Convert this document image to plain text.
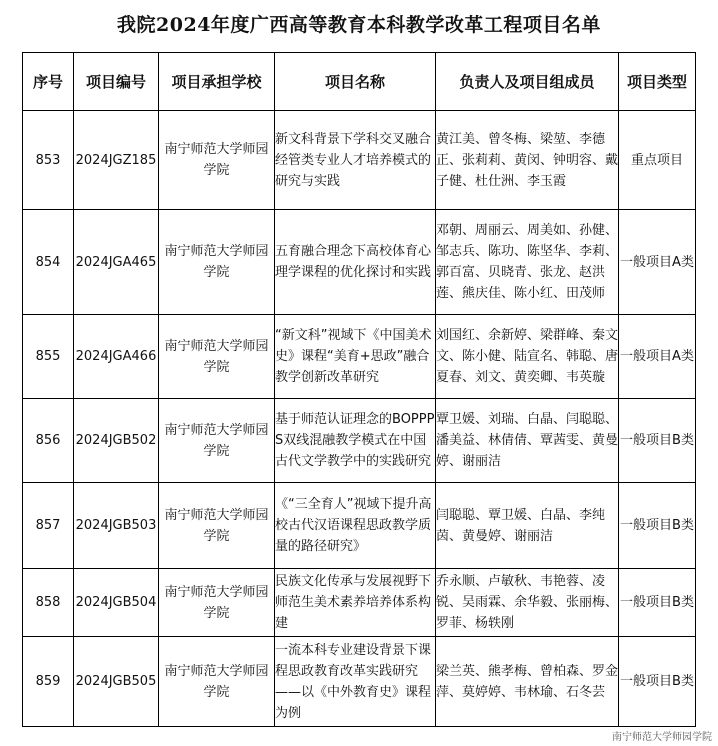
我院2024年度广西高等教育本科教学改革工程项目名单
序号	项目编号	项目承担学校	项目名称	负责人及项目组成员	项目类型
853	2024JGZ185	南宁师范大学师园学院	新文科背景下学科交叉融合经管类专业人才培养模式的研究与实践	黄江美、曾冬梅、梁堃、李德正、张莉莉、黄闵、钟明容、戴子健、杜仕洲、李玉霞	重点项目
854	2024JGA465	南宁师范大学师园学院	五育融合理念下高校体育心理学课程的优化探讨和实践	邓朝、周丽云、周美如、孙健、邹志兵、陈功、陈坚华、李莉、郭百富、贝晓青、张龙、赵洪莲、熊庆佳、陈小红、田茂师	一般项目A类
855	2024JGA466	南宁师范大学师园学院	“新文科”视域下《中国美术史》课程“美育+思政”融合教学创新改革研究	刘国红、余新婷、梁群峰、秦文文、陈小健、陆宣名、韩聪、唐夏春、刘文、黄奕卿、韦英璇	一般项目A类
856	2024JGB502	南宁师范大学师园学院	基于师范认证理念的BOPPPS双线混融教学模式在中国古代文学教学中的实践研究	覃卫媛、刘瑞、白晶、闫聪聪、潘美益、林倩倩、覃茜雯、黄曼婷、谢丽洁	一般项目B类
857	2024JGB503	南宁师范大学师园学院	《“三全育人”视域下提升高校古代汉语课程思政教学质量的路径研究》	闫聪聪、覃卫媛、白晶、李纯茵、黄曼婷、谢丽洁	一般项目B类
858	2024JGB504	南宁师范大学师园学院	民族文化传承与发展视野下师范生美术素养培养体系构建	乔永顺、卢敏秋、韦艳蓉、凌锐、吴雨霖、余华毅、张丽梅、罗菲、杨轶刚	一般项目B类
859	2024JGB505	南宁师范大学师园学院	一流本科专业建设背景下课程思政教育改革实践研究——以《中外教育史》课程为例	梁兰英、熊孝梅、曾柏森、罗金萍、莫婷婷、韦林瑜、石冬芸	一般项目B类
南宁师范大学师园学院
